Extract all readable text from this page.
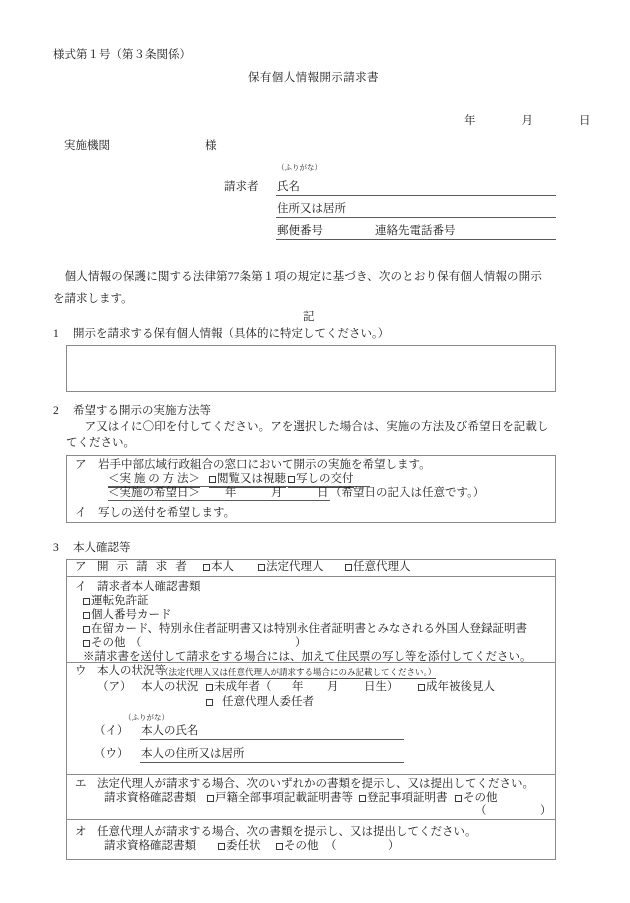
様式第１号（第３条関係）
保有個人情報開示請求書
年　　　　月　　　　日
実施機関	様
（ふりがな）
請求者 氏名
住所又は居所
郵便番号	連絡先電話番号
　個人情報の保護に関する法律第77条第１項の規定に基づき、次のとおり保有個人情報の開示
を請求します。
記
1 開示を請求する保有個人情報（具体的に特定してください。）
2 希望する開示の実施方法等
　ア又はイに〇印を付してください。アを選択した場合は、実施の方法及び希望日を記載し
てください。
ア 岩手中部広域行政組合の窓口において開示の実施を希望します。
＜実 施 の 方 法＞	閲覧又は視聴 写しの交付
＜実施の希望日＞ 年	月	日 （希望日の記入は任意です。）
イ 写しの送付を希望します。
3 本人確認等
ア 開 示 請 求 者	本人	法定代理人	任意代理人
イ 請求者本人確認書類
運転免許証
個人番号カード
在留カード、特別永住者証明書又は特別永住者証明書とみなされる外国人登録証明書
その他 （	）
※請求書を送付して請求をする場合には、加えて住民票の写し等を添付してください。
ウ 本人の状況等
（法定代理人又は任意代理人が請求する場合にのみ記載してください。）
（ア） 本人の状況	未成年者（ 年 月 日生）	成年被後見人
任意代理人委任者
（ふりがな）
（イ） 本人の氏名
（ウ） 本人の住所又は居所
エ 法定代理人が請求する場合、次のいずれかの書類を提示し、又は提出してください。
請求資格確認書類	戸籍全部事項記載証明書等	登記事項証明書	その他
（	）
オ 任意代理人が請求する場合、次の書類を提示し、又は提出してください。
請求資格確認書類	委任状	その他 （	）
